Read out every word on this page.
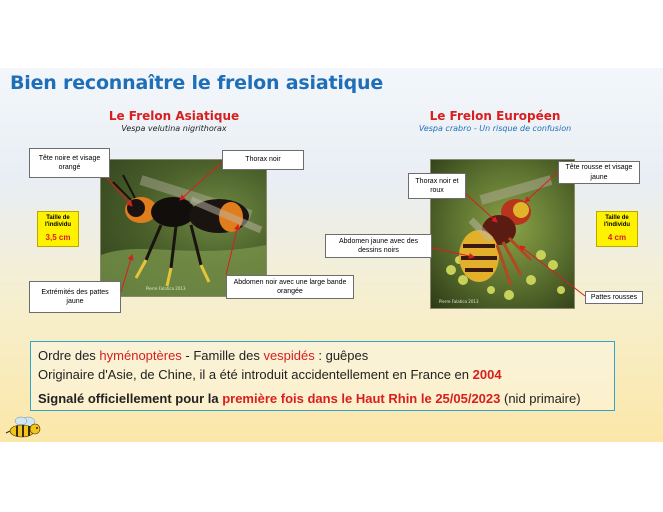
Bien reconnaître le frelon asiatique
Le Frelon Asiatique
Vespa velutina nigrithorax
Le Frelon Européen
Vespa crabro - Un risque de confusion
Pierre Falatico 2013
Pierre Falatico 2013
Tête noire et visage orangé
Thorax noir
Extrémités des pattes jaune
Abdomen noir avec une large bande orangée
Taille de l'individu
3,5 cm
Thorax noir et roux
Tête rousse et visage jaune
Abdomen jaune avec des dessins noirs
Pattes rousses
Taille de l'individu
4 cm
Ordre des hyménoptères - Famille des vespidés : guêpes
Originaire d'Asie, de Chine, il a été introduit accidentellement en France en 2004
Signalé officiellement pour la première fois dans le Haut Rhin le 25/05/2023 (nid primaire)
